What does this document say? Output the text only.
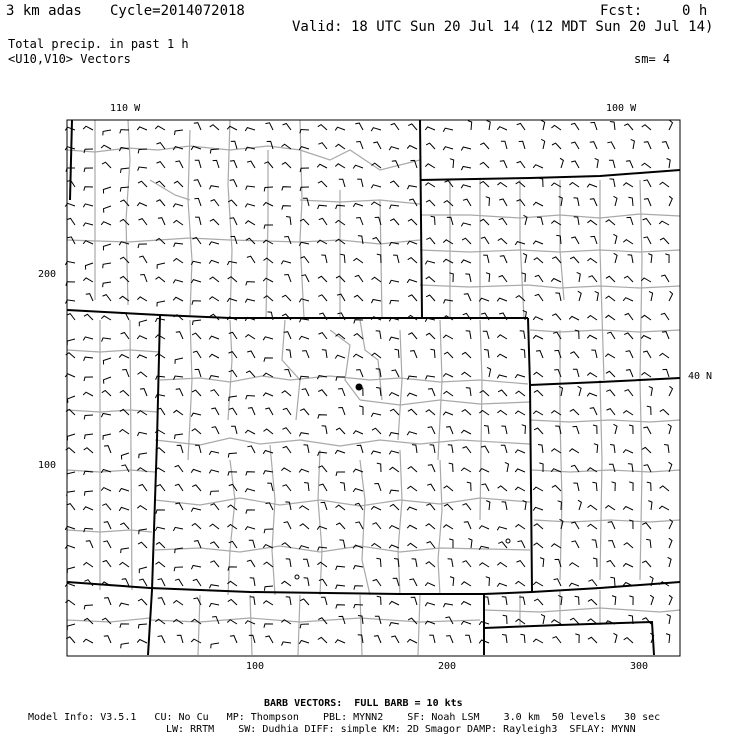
3 km adas Cycle=2014072018	Fcst:	0 h
Valid: 18 UTC Sun 20 Jul 14 (12 MDT Sun 20 Jul 14)
Total precip. in past 1 h
<U10,V10> Vectors	sm= 4
110 W	100 W
200
100
100	200	300
40 N
BARB VECTORS:  FULL BARB = 10 kts
Model Info: V3.5.1   CU: No Cu   MP: Thompson    PBL: MYNN2    SF: Noah LSM    3.0 km  50 levels   30 sec
LW: RRTM    SW: Dudhia DIFF: simple KM: 2D Smagor DAMP: Rayleigh3  SFLAY: MYNN
